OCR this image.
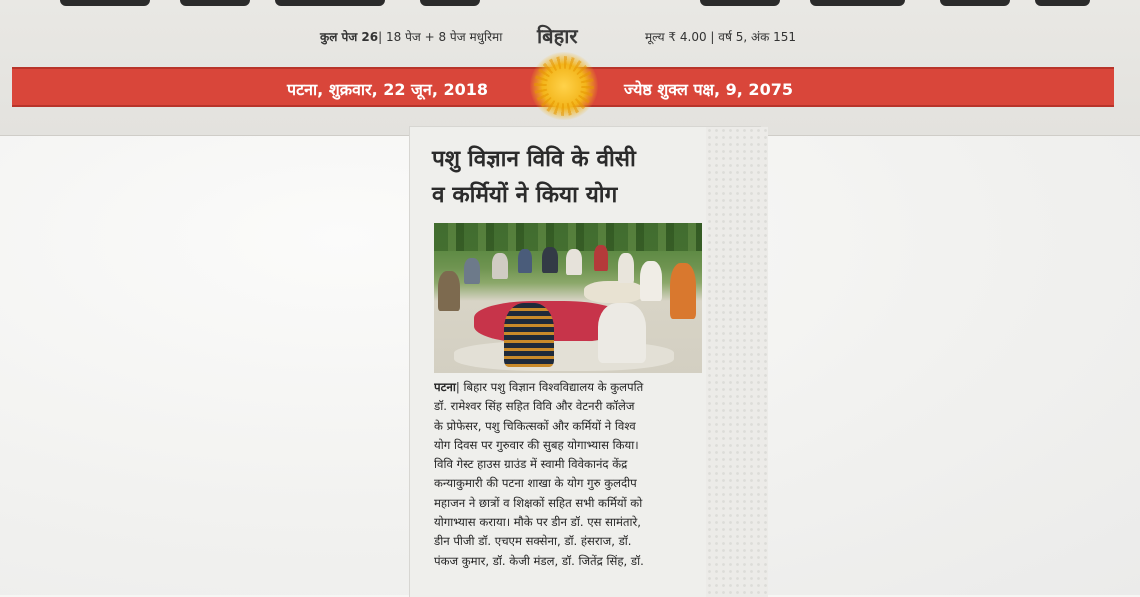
कुल पेज 26| 18 पेज + 8 पेज मधुरिमा बिहार	मूल्य ₹ 4.00 | वर्ष 5, अंक 151
पटना, शुक्रवार, 22 जून, 2018	ज्येष्ठ शुक्ल पक्ष, 9, 2075
पशु विज्ञान विवि के वीसी
व कर्मियों ने किया योग
पटना| बिहार पशु विज्ञान विश्वविद्यालय के कुलपति
डॉ. रामेश्वर सिंह सहित विवि और वेटनरी कॉलेज
के प्रोफेसर, पशु चिकित्सकों और कर्मियों ने विश्व
योग दिवस पर गुरुवार की सुबह योगाभ्यास किया।
विवि गेस्ट हाउस ग्राउंड में स्वामी विवेकानंद केंद्र
कन्याकुमारी की पटना शाखा के योग गुरु कुलदीप
महाजन ने छात्रों व शिक्षकों सहित सभी कर्मियों को
योगाभ्यास कराया। मौके पर डीन डॉ. एस सामंतारे,
डीन पीजी डॉ. एचएम सक्सेना, डॉ. हंसराज, डॉ.
पंकज कुमार, डॉ. केजी मंडल, डॉ. जितेंद्र सिंह, डॉ.
